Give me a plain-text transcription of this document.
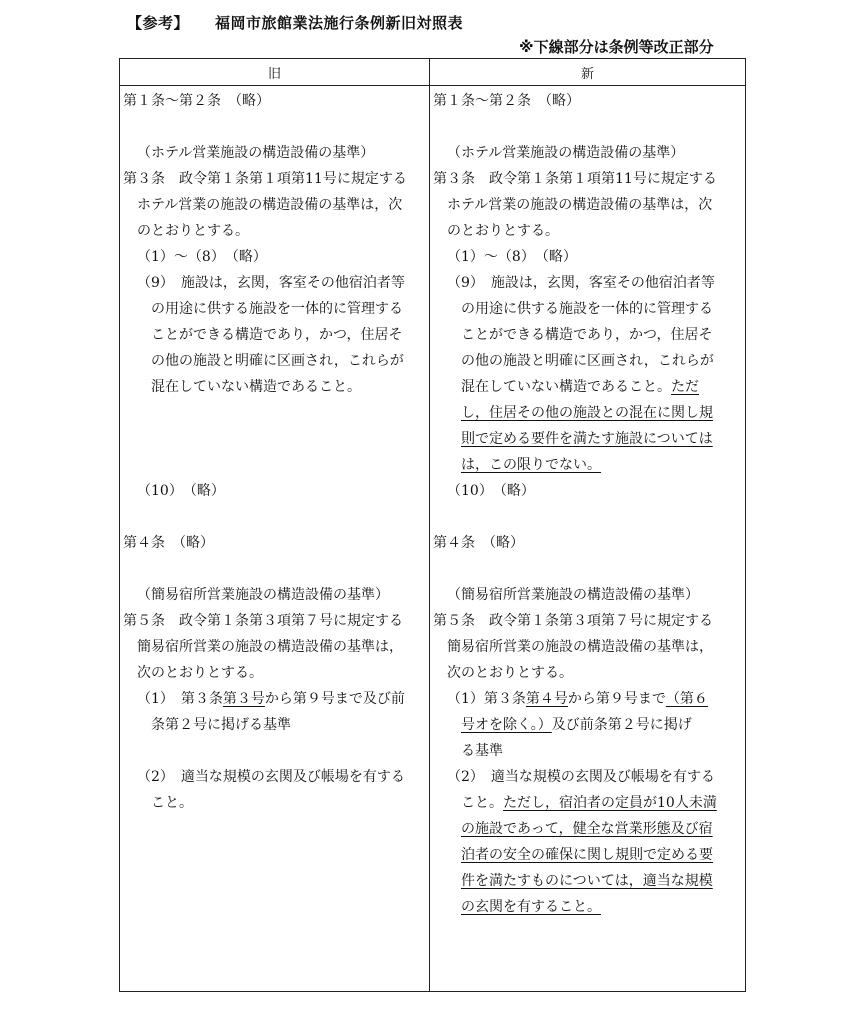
【参考】 福岡市旅館業法施行条例新旧対照表
※下線部分は条例等改正部分
旧	新
第１条～第２条　（略）
（ホテル営業施設の構造設備の基準）
第３条　政令第１条第１項第11号に規定する
ホテル営業の施設の構造設備の基準は，次
のとおりとする。
（1）～（8）　（略）
（9）　施設は，玄関，客室その他宿泊者等
の用途に供する施設を一体的に管理する
ことができる構造であり，かつ，住居そ
の他の施設と明確に区画され，これらが
混在していない構造であること。
（10）　（略）
第４条　（略）
（簡易宿所営業施設の構造設備の基準）
第５条　政令第１条第３項第７号に規定する
簡易宿所営業の施設の構造設備の基準は，
次のとおりとする。
（1）　第３条第３号から第９号まで及び前
条第２号に掲げる基準
（2）　適当な規模の玄関及び帳場を有する
こと。
第１条～第２条　（略）
（ホテル営業施設の構造設備の基準）
第３条　政令第１条第１項第11号に規定する
ホテル営業の施設の構造設備の基準は，次
のとおりとする。
（1）～（8）　（略）
（9）　施設は，玄関，客室その他宿泊者等
の用途に供する施設を一体的に管理する
ことができる構造であり，かつ，住居そ
の他の施設と明確に区画され，これらが
混在していない構造であること。ただ
し，住居その他の施設との混在に関し規
則で定める要件を満たす施設については
は，この限りでない。
（10）　（略）
第４条　（略）
（簡易宿所営業施設の構造設備の基準）
第５条　政令第１条第３項第７号に規定する
簡易宿所営業の施設の構造設備の基準は，
次のとおりとする。
（1）第３条第４号から第９号まで（第６
号オを除く。）及び前条第２号に掲げ
る基準
（2）　適当な規模の玄関及び帳場を有する
こと。ただし，宿泊者の定員が10人未満
の施設であって，健全な営業形態及び宿
泊者の安全の確保に関し規則で定める要
件を満たすものについては，適当な規模
の玄関を有すること。
